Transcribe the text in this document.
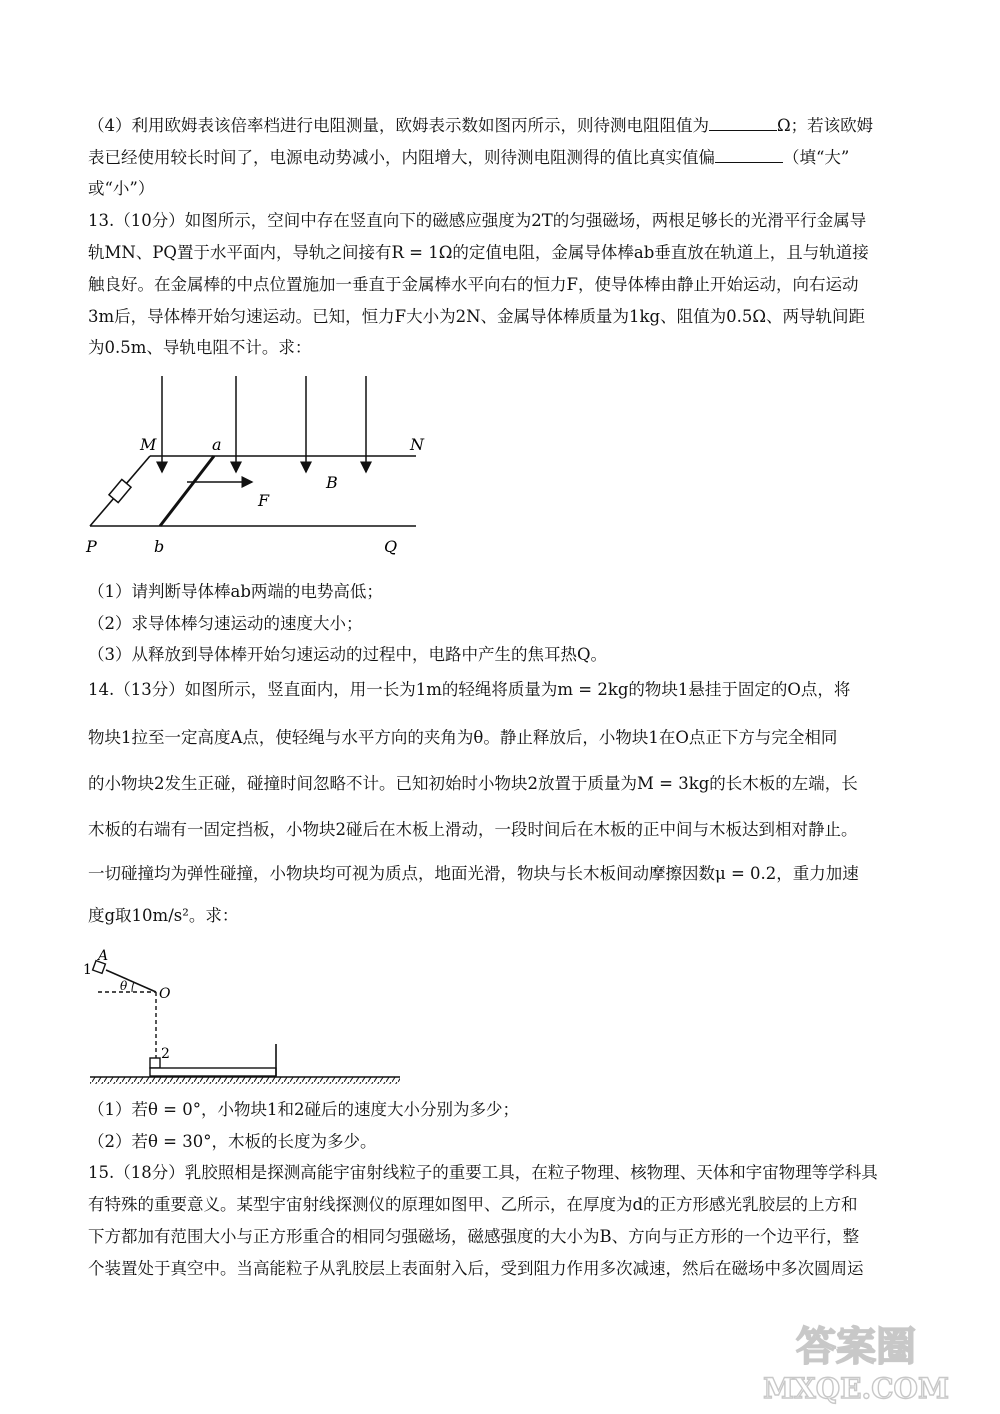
（4）利用欧姆表该倍率档进行电阻测量，欧姆表示数如图丙所示，则待测电阻阻值为	Ω；若该欧姆
表已经使用较长时间了，电源电动势减小，内阻增大，则待测电阻测得的值比真实值偏	（填“大”
或“小”）
13.（10分）如图所示，空间中存在竖直向下的磁感应强度为2T的匀强磁场，两根足够长的光滑平行金属导
轨MN、PQ置于水平面内，导轨之间接有R = 1Ω的定值电阻，金属导体棒ab垂直放在轨道上，且与轨道接
触良好。在金属棒的中点位置施加一垂直于金属棒水平向右的恒力F，使导体棒由静止开始运动，向右运动
3m后，导体棒开始匀速运动。已知，恒力F大小为2N、金属导体棒质量为1kg、阻值为0.5Ω、两导轨间距
为0.5m、导轨电阻不计。求：
M	a	N
B
F
P	b	Q
（1）请判断导体棒ab两端的电势高低；
（2）求导体棒匀速运动的速度大小；
（3）从释放到导体棒开始匀速运动的过程中，电路中产生的焦耳热Q。
14.（13分）如图所示，竖直面内，用一长为1m的轻绳将质量为m = 2kg的物块1悬挂于固定的O点，将
物块1拉至一定高度A点，使轻绳与水平方向的夹角为θ。静止释放后，小物块1在O点正下方与完全相同
的小物块2发生正碰，碰撞时间忽略不计。已知初始时小物块2放置于质量为M = 3kg的长木板的左端，长
木板的右端有一固定挡板，小物块2碰后在木板上滑动，一段时间后在木板的正中间与木板达到相对静止。
一切碰撞均为弹性碰撞，小物块均可视为质点，地面光滑，物块与长木板间动摩擦因数μ = 0.2，重力加速
度g取10m/s²。求：
A
1
θ O
2
（1）若θ = 0°，小物块1和2碰后的速度大小分别为多少；
（2）若θ = 30°，木板的长度为多少。
15.（18分）乳胶照相是探测高能宇宙射线粒子的重要工具，在粒子物理、核物理、天体和宇宙物理等学科具
有特殊的重要意义。某型宇宙射线探测仪的原理如图甲、乙所示，在厚度为d的正方形感光乳胶层的上方和
下方都加有范围大小与正方形重合的相同匀强磁场，磁感强度的大小为B、方向与正方形的一个边平行，整
个装置处于真空中。当高能粒子从乳胶层上表面射入后，受到阻力作用多次减速，然后在磁场中多次圆周运
答案圈
MXQE.COM
